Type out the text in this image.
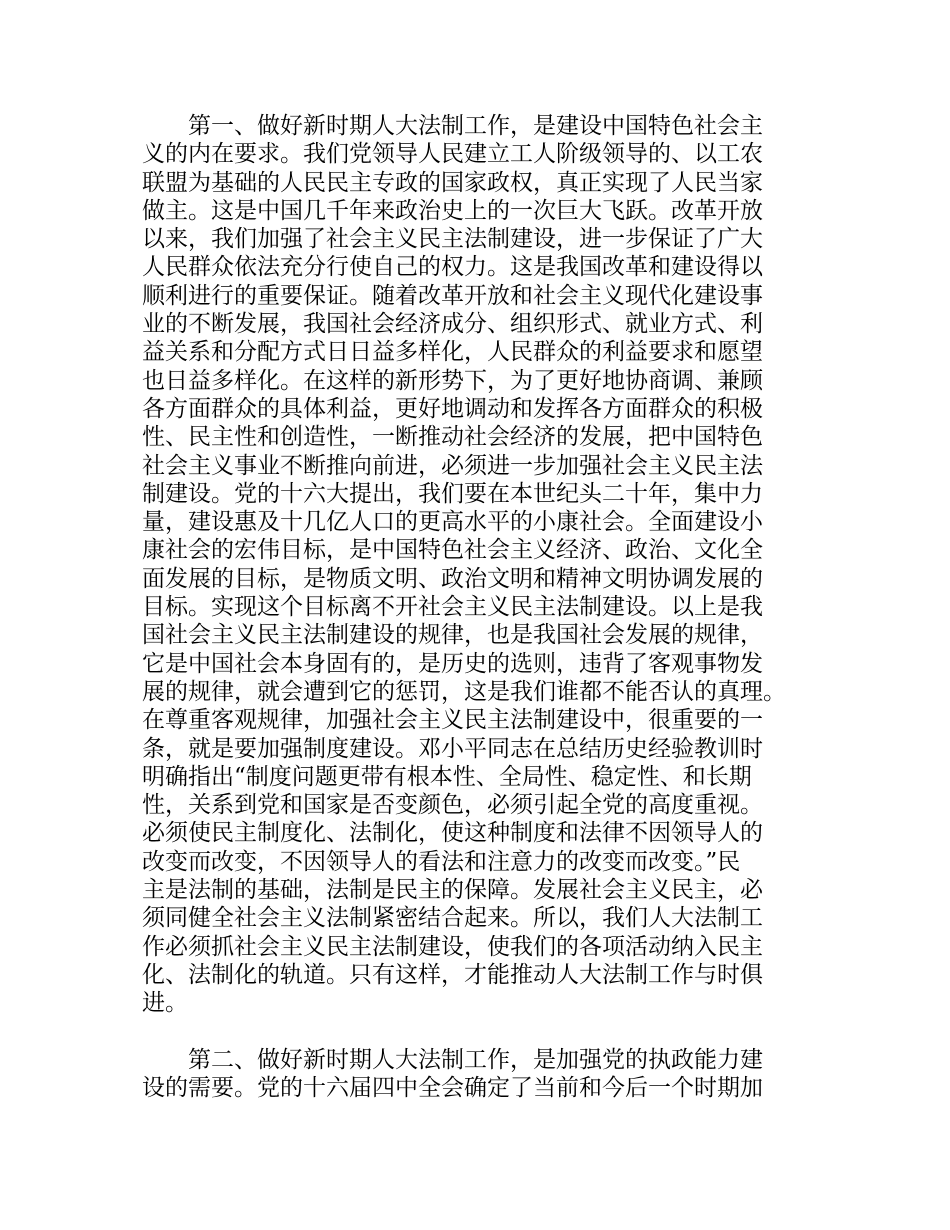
　　第一、做好新时期人大法制工作，是建设中国特色社会主
义的内在要求。我们党领导人民建立工人阶级领导的、以工农
联盟为基础的人民民主专政的国家政权，真正实现了人民当家
做主。这是中国几千年来政治史上的一次巨大飞跃。改革开放
以来，我们加强了社会主义民主法制建设，进一步保证了广大
人民群众依法充分行使自己的权力。这是我国改革和建设得以
顺利进行的重要保证。随着改革开放和社会主义现代化建设事
业的不断发展，我国社会经济成分、组织形式、就业方式、利
益关系和分配方式日日益多样化，人民群众的利益要求和愿望
也日益多样化。在这样的新形势下，为了更好地协商调、兼顾
各方面群众的具体利益，更好地调动和发挥各方面群众的积极
性、民主性和创造性，一断推动社会经济的发展，把中国特色
社会主义事业不断推向前进，必须进一步加强社会主义民主法
制建设。党的十六大提出，我们要在本世纪头二十年，集中力
量，建设惠及十几亿人口的更高水平的小康社会。全面建设小
康社会的宏伟目标，是中国特色社会主义经济、政治、文化全
面发展的目标，是物质文明、政治文明和精神文明协调发展的
目标。实现这个目标离不开社会主义民主法制建设。以上是我
国社会主义民主法制建设的规律，也是我国社会发展的规律，
它是中国社会本身固有的，是历史的选则，违背了客观事物发
展的规律，就会遭到它的惩罚，这是我们谁都不能否认的真理。
在尊重客观规律，加强社会主义民主法制建设中，很重要的一
条，就是要加强制度建设。邓小平同志在总结历史经验教训时
明确指出“制度问题更带有根本性、全局性、稳定性、和长期
性，关系到党和国家是否变颜色，必须引起全党的高度重视。
必须使民主制度化、法制化，使这种制度和法律不因领导人的
改变而改变，不因领导人的看法和注意力的改变而改变。”民
主是法制的基础，法制是民主的保障。发展社会主义民主，必
须同健全社会主义法制紧密结合起来。所以，我们人大法制工
作必须抓社会主义民主法制建设，使我们的各项活动纳入民主
化、法制化的轨道。只有这样，才能推动人大法制工作与时俱
进。
　　第二、做好新时期人大法制工作，是加强党的执政能力建
设的需要。党的十六届四中全会确定了当前和今后一个时期加
